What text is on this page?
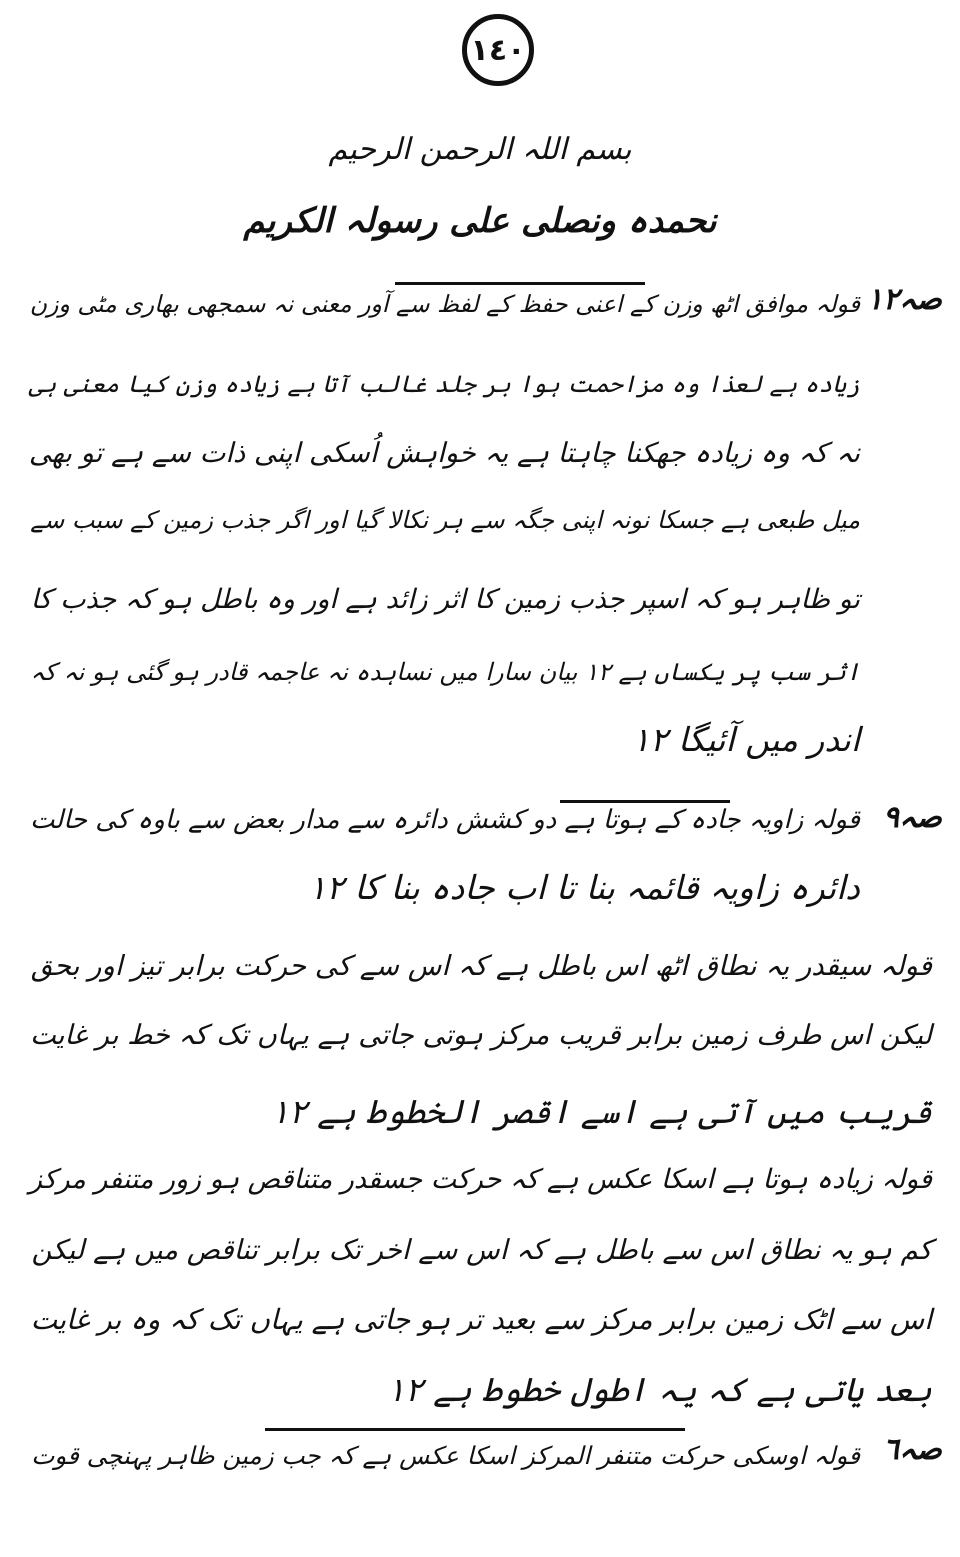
١٤٠
بسم اللہ الرحمن الرحیم
نحمدہ ونصلی علی رسولہ الکریم
صہ١٢
صہ٩
صہ٦
قولہ موافق اٹھ وزن کے اعنی حفظ کے لفظ سے آور معنی نہ سمجھی بھاری مٹی وزن
زیادہ ہے لعذا وہ مزاحمت ہوا بر جلد غالب آتا ہے زیادہ وزن کیا معنی ہی
نہ کہ وہ زیادہ جھکنا چاہتا ہے یہ خواہش اُسکی اپنی ذات سے ہے تو بھی
میل طبعی ہے جسکا نونہ اپنی جگہ سے ہر نکالا گیا اور اگر جذب زمین کے سبب سے
تو ظاہر ہو کہ اسپر جذب زمین کا اثر زائد ہے اور وہ باطل ہو کہ جذب کا
اثر سب پر یکساں ہے ١٢ بیان سارا میں نساہدہ نہ عاجمہ قادر ہو گئی ہو نہ کہ
اندر میں آئیگا ١٢
قولہ زاویہ جادہ کے ہوتا ہے دو کشش دائرہ سے مدار بعض سے باوہ کی حالت
دائرہ زاویہ قائمہ بنا تا اب جادہ بنا کا ١٢
قولہ سیقدر یہ نطاق اٹھ اس باطل ہے کہ اس سے کی حرکت برابر تیز اور بحق
لیکن اس طرف زمین برابر قریب مرکز ہوتی جاتی ہے یہاں تک کہ خط بر غایت
قریب میں آتی ہے اسے اقصر الخطوط ہے ١٢
قولہ زیادہ ہوتا ہے اسکا عکس ہے کہ حرکت جسقدر متناقص ہو زور متنفر مرکز
کم ہو یہ نطاق اس سے باطل ہے کہ اس سے اخر تک برابر تناقص میں ہے لیکن
اس سے اٹک زمین برابر مرکز سے بعید تر ہو جاتی ہے یہاں تک کہ وہ بر غایت
بعد یاتی ہے کہ یہ اطول خطوط ہے ١٢
قولہ اوسکی حرکت متنفر المرکز اسکا عکس ہے کہ جب زمین ظاہر پہنچی قوت
